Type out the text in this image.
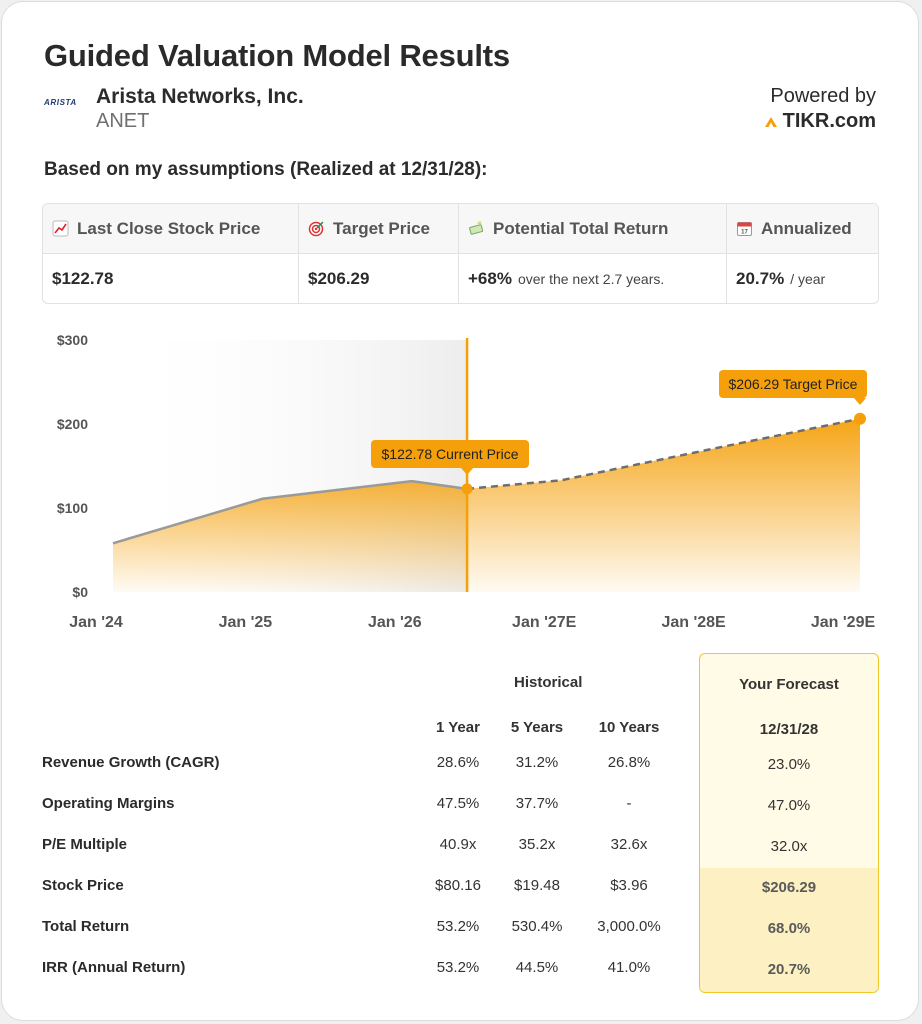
Guided Valuation Model Results
ARISTA Arista Networks, Inc.
ANET
Powered by
TIKR.com
Based on my assumptions (Realized at 12/31/28):
Last Close Stock Price	Target Price	Potential Total Return	17 Annualized
$122.78	$206.29	+68% over the next 2.7 years.	20.7% / year
$300
$200
$100
$0
Jan '24	Jan '25	Jan '26	Jan '27E	Jan '28E	Jan '29E
$122.78 Current Price
$206.29 Target Price
Historical	Your Forecast
12/31/28
1 Year	5 Years	10 Years
Revenue Growth (CAGR)	28.6%	31.2%	26.8%	23.0%
Operating Margins	47.5%	37.7%	-	47.0%
P/E Multiple	40.9x	35.2x	32.6x	32.0x
Stock Price	$80.16	$19.48	$3.96	$206.29
Total Return	53.2%	530.4%	3,000.0%	68.0%
IRR (Annual Return)	53.2%	44.5%	41.0%	20.7%
